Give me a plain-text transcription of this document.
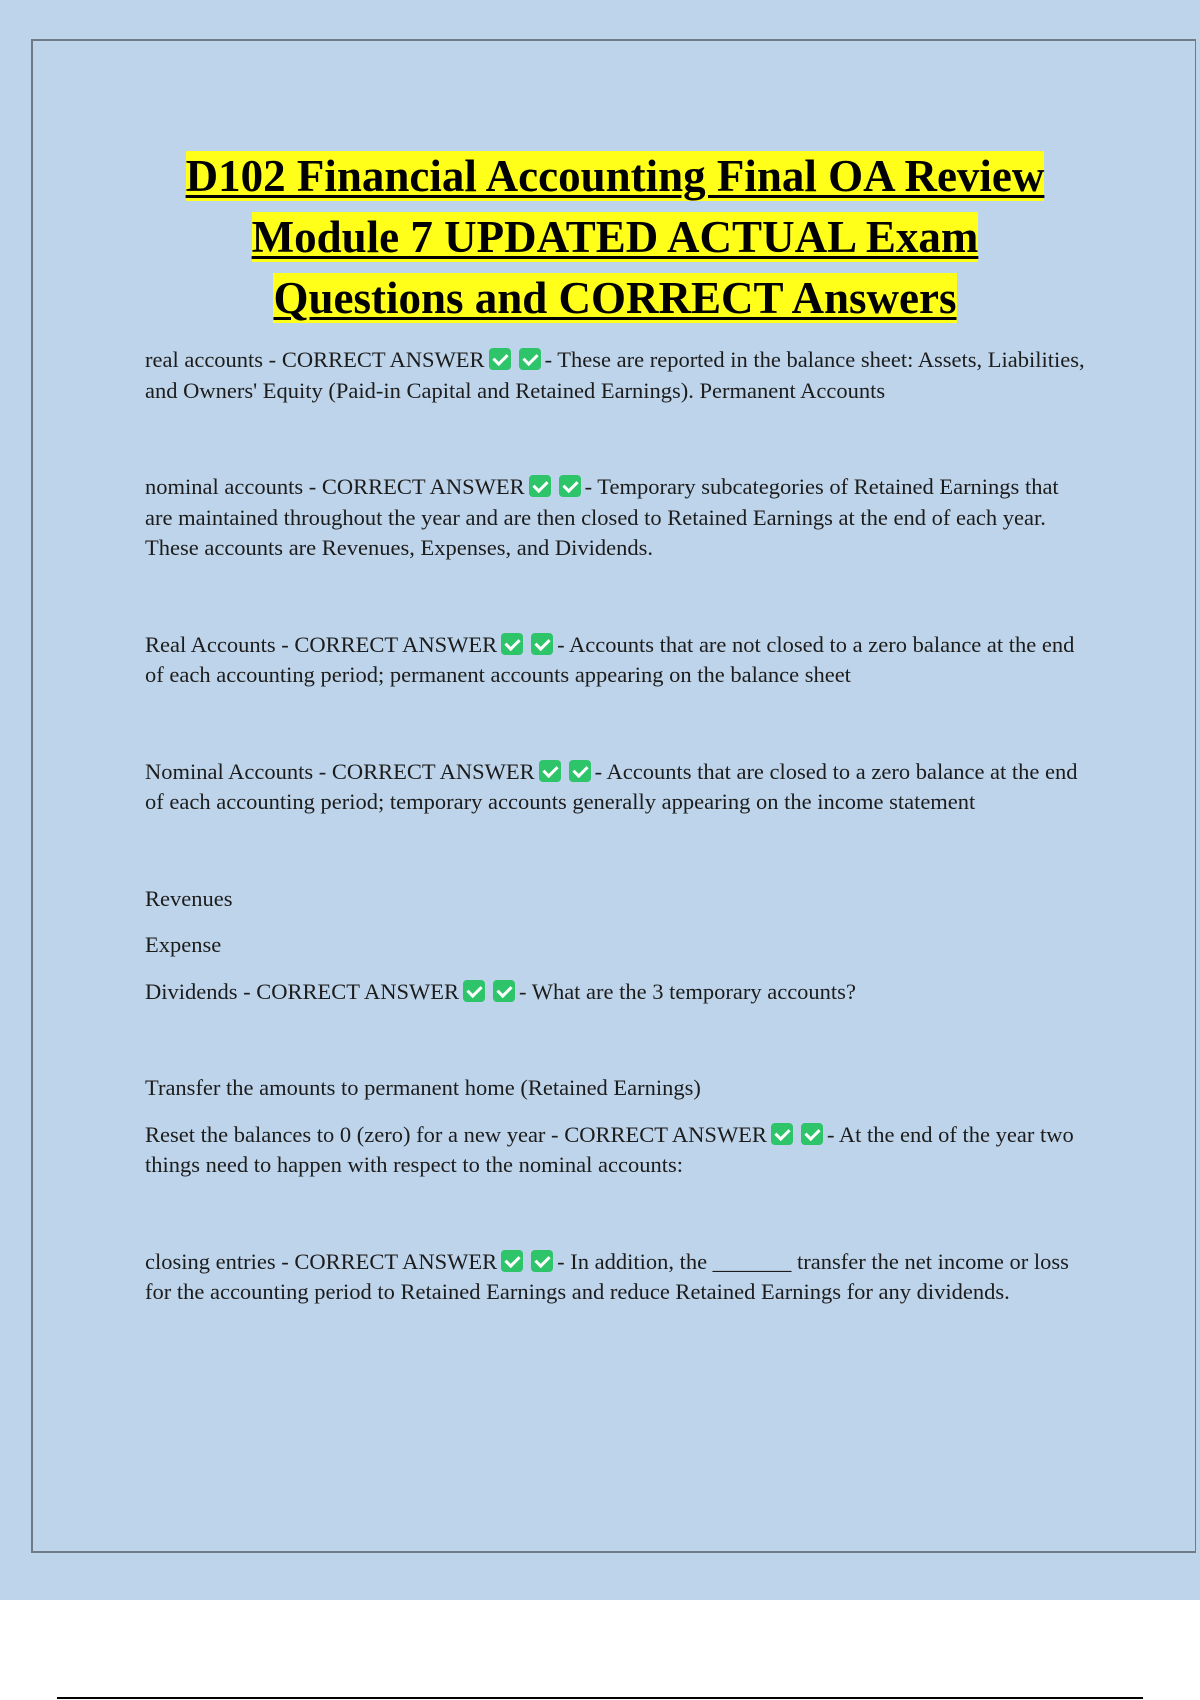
D102 Financial Accounting Final OA Review
Module 7 UPDATED ACTUAL Exam
Questions and CORRECT Answers

real accounts - CORRECT ANSWER	- These are reported in the balance sheet: Assets, Liabilities, and Owners' Equity (Paid-in Capital and Retained Earnings). Permanent Accounts

nominal accounts - CORRECT ANSWER	- Temporary subcategories of Retained Earnings that are maintained throughout the year and are then closed to Retained Earnings at the end of each year. These accounts are Revenues, Expenses, and Dividends.

Real Accounts - CORRECT ANSWER	- Accounts that are not closed to a zero balance at the end of each accounting period; permanent accounts appearing on the balance sheet

Nominal Accounts - CORRECT ANSWER	- Accounts that are closed to a zero balance at the end of each accounting period; temporary accounts generally appearing on the income statement

Revenues

Expense

Dividends - CORRECT ANSWER	- What are the 3 temporary accounts?

Transfer the amounts to permanent home (Retained Earnings)

Reset the balances to 0 (zero) for a new year - CORRECT ANSWER	- At the end of the year two things need to happen with respect to the nominal accounts:

closing entries - CORRECT ANSWER	- In addition, the _______ transfer the net income or loss for the accounting period to Retained Earnings and reduce Retained Earnings for any dividends.
